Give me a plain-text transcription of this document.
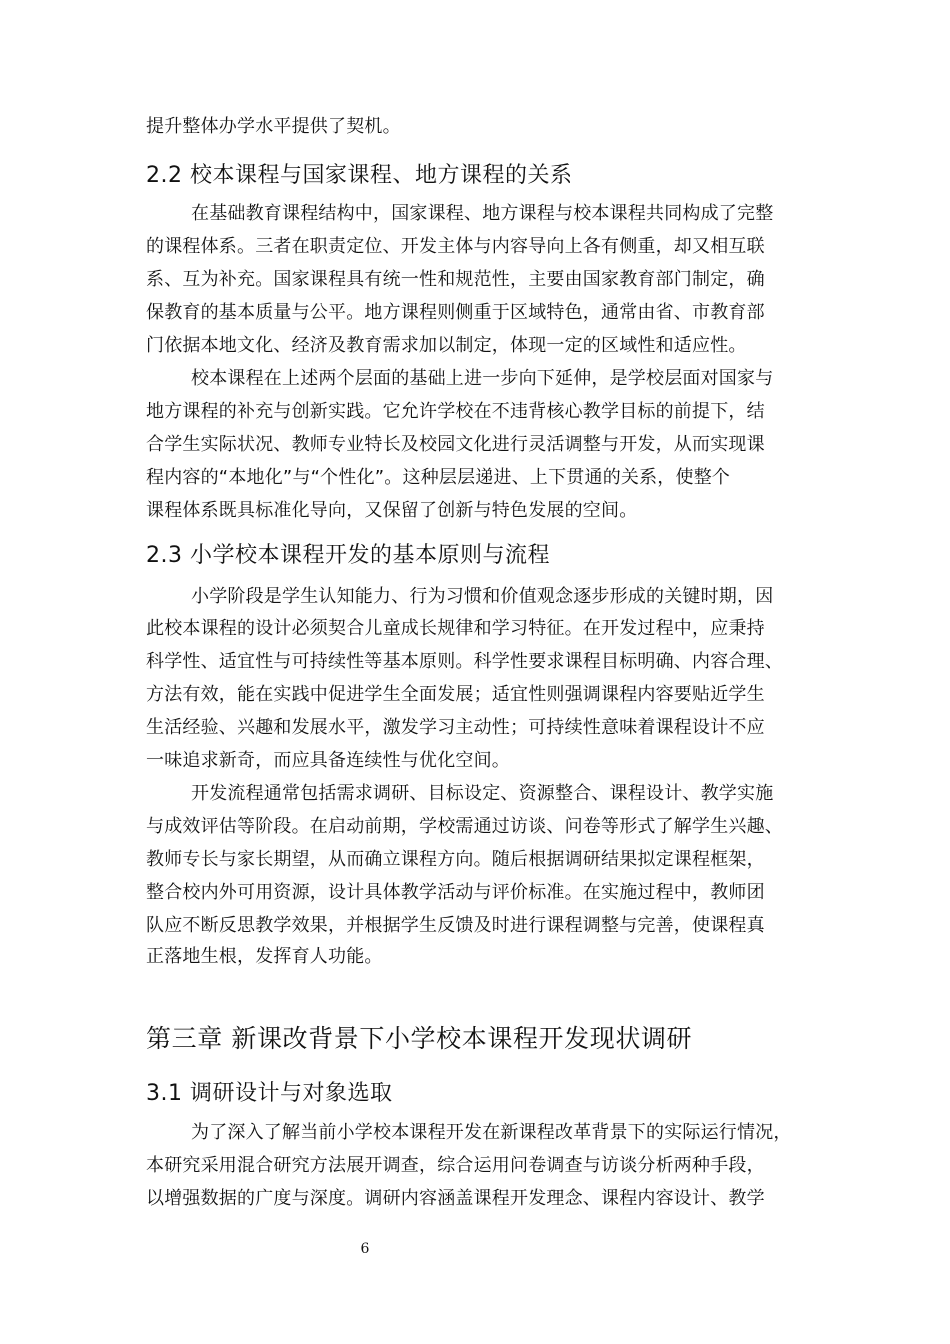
提升整体办学水平提供了契机。
2.2 校本课程与国家课程、地方课程的关系
在基础教育课程结构中，国家课程、地方课程与校本课程共同构成了完整
的课程体系。三者在职责定位、开发主体与内容导向上各有侧重，却又相互联
系、互为补充。国家课程具有统一性和规范性，主要由国家教育部门制定，确
保教育的基本质量与公平。地方课程则侧重于区域特色，通常由省、市教育部
门依据本地文化、经济及教育需求加以制定，体现一定的区域性和适应性。
校本课程在上述两个层面的基础上进一步向下延伸，是学校层面对国家与
地方课程的补充与创新实践。它允许学校在不违背核心教学目标的前提下，结
合学生实际状况、教师专业特长及校园文化进行灵活调整与开发，从而实现课
程内容的“本地化”与“个性化”。这种层层递进、上下贯通的关系，使整个
课程体系既具标准化导向，又保留了创新与特色发展的空间。
2.3 小学校本课程开发的基本原则与流程
小学阶段是学生认知能力、行为习惯和价值观念逐步形成的关键时期，因
此校本课程的设计必须契合儿童成长规律和学习特征。在开发过程中，应秉持
科学性、适宜性与可持续性等基本原则。科学性要求课程目标明确、内容合理、
方法有效，能在实践中促进学生全面发展；适宜性则强调课程内容要贴近学生
生活经验、兴趣和发展水平，激发学习主动性；可持续性意味着课程设计不应
一味追求新奇，而应具备连续性与优化空间。
开发流程通常包括需求调研、目标设定、资源整合、课程设计、教学实施
与成效评估等阶段。在启动前期，学校需通过访谈、问卷等形式了解学生兴趣、
教师专长与家长期望，从而确立课程方向。随后根据调研结果拟定课程框架，
整合校内外可用资源，设计具体教学活动与评价标准。在实施过程中，教师团
队应不断反思教学效果，并根据学生反馈及时进行课程调整与完善，使课程真
正落地生根，发挥育人功能。
第三章 新课改背景下小学校本课程开发现状调研
3.1 调研设计与对象选取
为了深入了解当前小学校本课程开发在新课程改革背景下的实际运行情况，
本研究采用混合研究方法展开调查，综合运用问卷调查与访谈分析两种手段，
以增强数据的广度与深度。调研内容涵盖课程开发理念、课程内容设计、教学
6
